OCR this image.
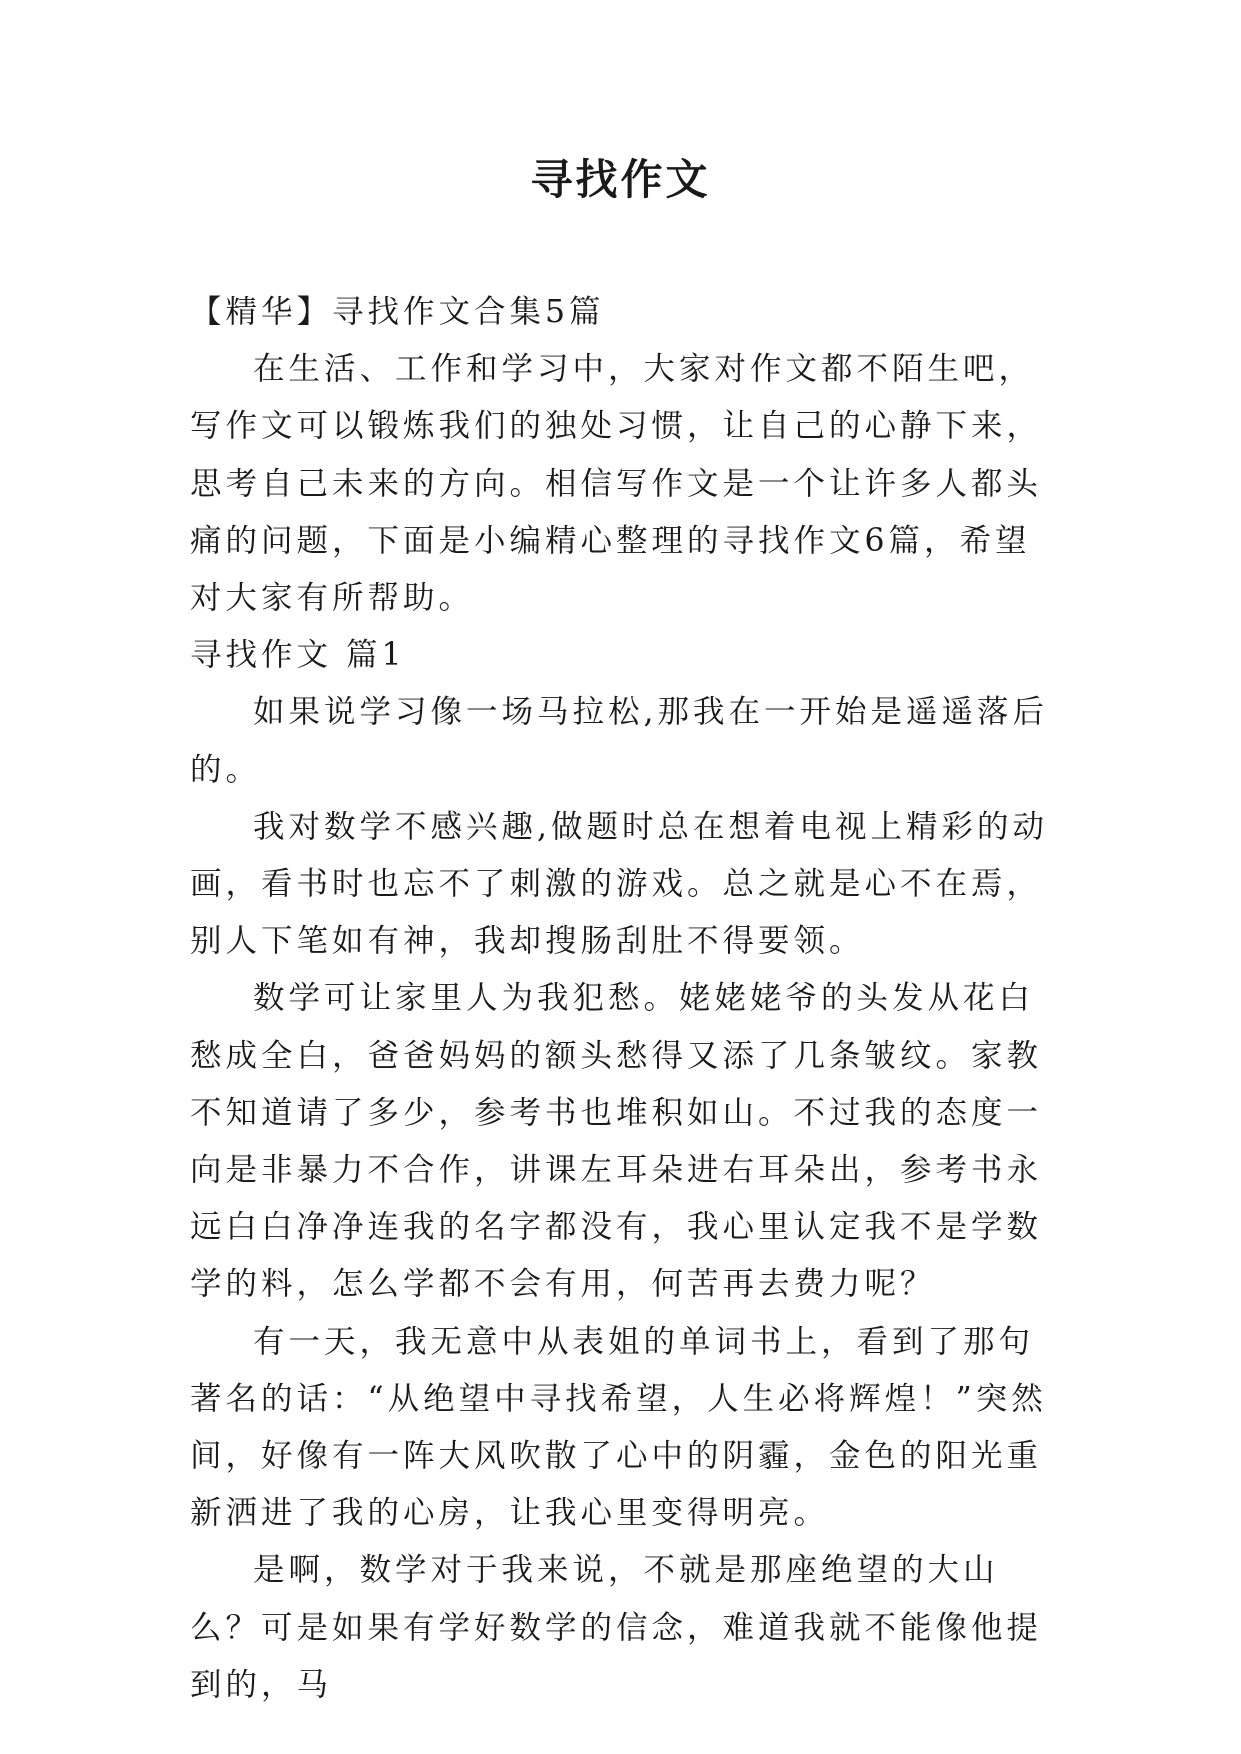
寻找作文

【精华】寻找作文合集5篇

在生活、工作和学习中，大家对作文都不陌生吧，写作文可以锻炼我们的独处习惯，让自己的心静下来，思考自己未来的方向。相信写作文是一个让许多人都头痛的问题，下面是小编精心整理的寻找作文6篇，希望对大家有所帮助。

寻找作文 篇1

如果说学习像一场马拉松,那我在一开始是遥遥落后的。

我对数学不感兴趣,做题时总在想着电视上精彩的动画，看书时也忘不了刺激的游戏。总之就是心不在焉，别人下笔如有神，我却搜肠刮肚不得要领。

数学可让家里人为我犯愁。姥姥姥爷的头发从花白愁成全白，爸爸妈妈的额头愁得又添了几条皱纹。家教不知道请了多少，参考书也堆积如山。不过我的态度一向是非暴力不合作，讲课左耳朵进右耳朵出，参考书永远白白净净连我的名字都没有，我心里认定我不是学数学的料，怎么学都不会有用，何苦再去费力呢？

有一天，我无意中从表姐的单词书上，看到了那句著名的话：“从绝望中寻找希望，人生必将辉煌！”突然间，好像有一阵大风吹散了心中的阴霾，金色的阳光重新洒进了我的心房，让我心里变得明亮。

是啊，数学对于我来说，不就是那座绝望的大山么？可是如果有学好数学的信念，难道我就不能像他提到的，马
